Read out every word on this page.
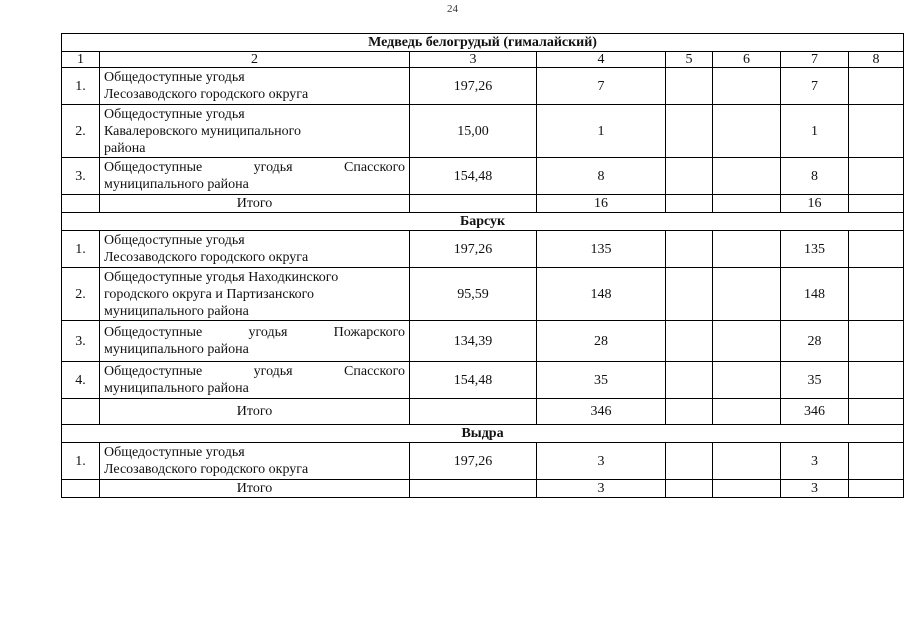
24
Медведь белогрудый (гималайский)							
1	2	3	4	5	6	7	8
1.	Общедоступные угодья
Лесозаводского городского округа	197,26	7			7	
2.	Общедоступные угодья
Кавалеровского муниципального
района	15,00	1			1	
3.	Общедоступные угодья Спасского
муниципального района	154,48	8			8	
	Итого		16			16	
Барсук							
1.	Общедоступные угодья
Лесозаводского городского округа	197,26	135			135	
2.	Общедоступные угодья Находкинского
городского округа и Партизанского
муниципального района	95,59	148			148	
3.	Общедоступные угодья Пожарского
муниципального района	134,39	28			28	
4.	Общедоступные угодья Спасского
муниципального района	154,48	35			35	
	Итого		346			346	
Выдра							
1.	Общедоступные угодья
Лесозаводского городского округа	197,26	3			3	
	Итого		3			3	
